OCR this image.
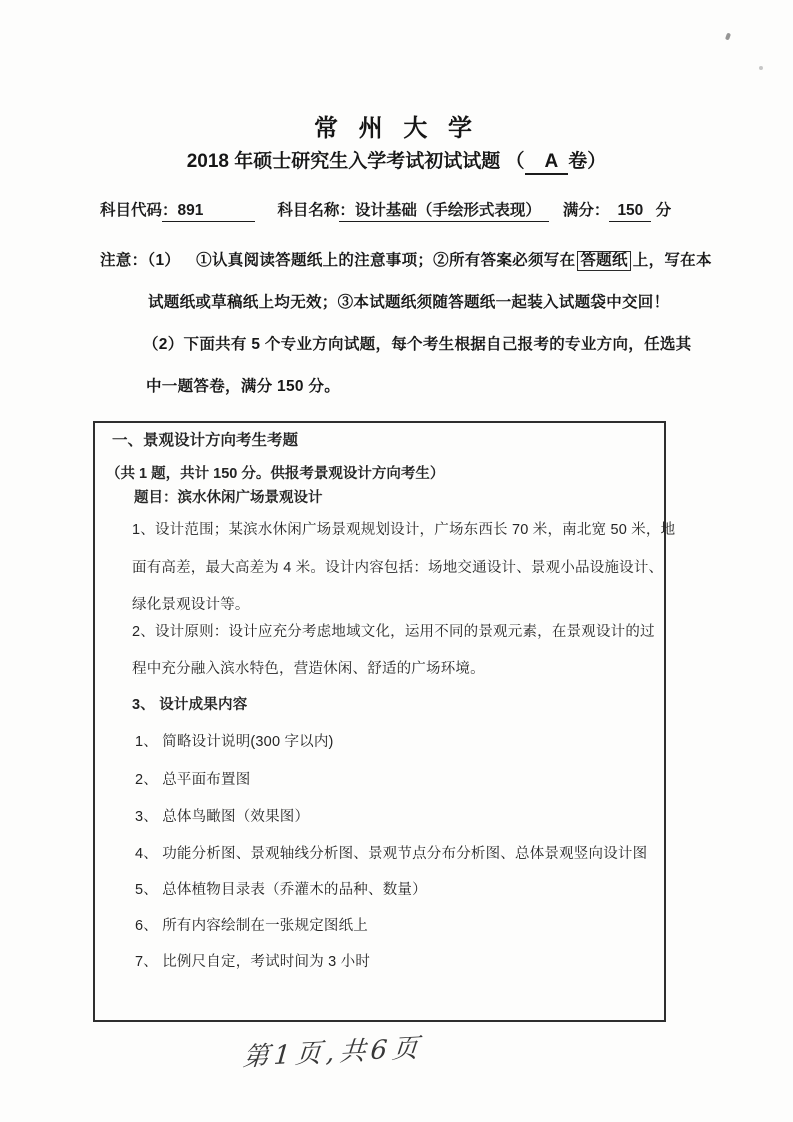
常 州 大 学
2018 年硕士研究生入学考试初试试题 （ A 卷）
科目代码：891	科目名称：设计基础（手绘形式表现） 满分： 150 分
注意：（1） ①认真阅读答题纸上的注意事项；②所有答案必须写在 答题纸 上，写在本
试题纸或草稿纸上均无效；③本试题纸须随答题纸一起装入试题袋中交回！
（2）下面共有 5 个专业方向试题，每个考生根据自己报考的专业方向，任选其
中一题答卷，满分 150 分。
一、景观设计方向考生考题
（共 1 题，共计 150 分。供报考景观设计方向考生）
题目：滨水休闲广场景观设计
1、设计范围；某滨水休闲广场景观规划设计，广场东西长 70 米，南北宽 50 米，地
面有高差，最大高差为 4 米。设计内容包括：场地交通设计、景观小品设施设计、
绿化景观设计等。
2、设计原则：设计应充分考虑地域文化，运用不同的景观元素，在景观设计的过
程中充分融入滨水特色，营造休闲、舒适的广场环境。
3、 设计成果内容
1、 简略设计说明(300 字以内)
2、 总平面布置图
3、 总体鸟瞰图（效果图）
4、 功能分析图、景观轴线分析图、景观节点分布分析图、总体景观竖向设计图
5、 总体植物目录表（乔灌木的品种、数量）
6、 所有内容绘制在一张规定图纸上
7、 比例尺自定，考试时间为 3 小时
第1页,共6页
